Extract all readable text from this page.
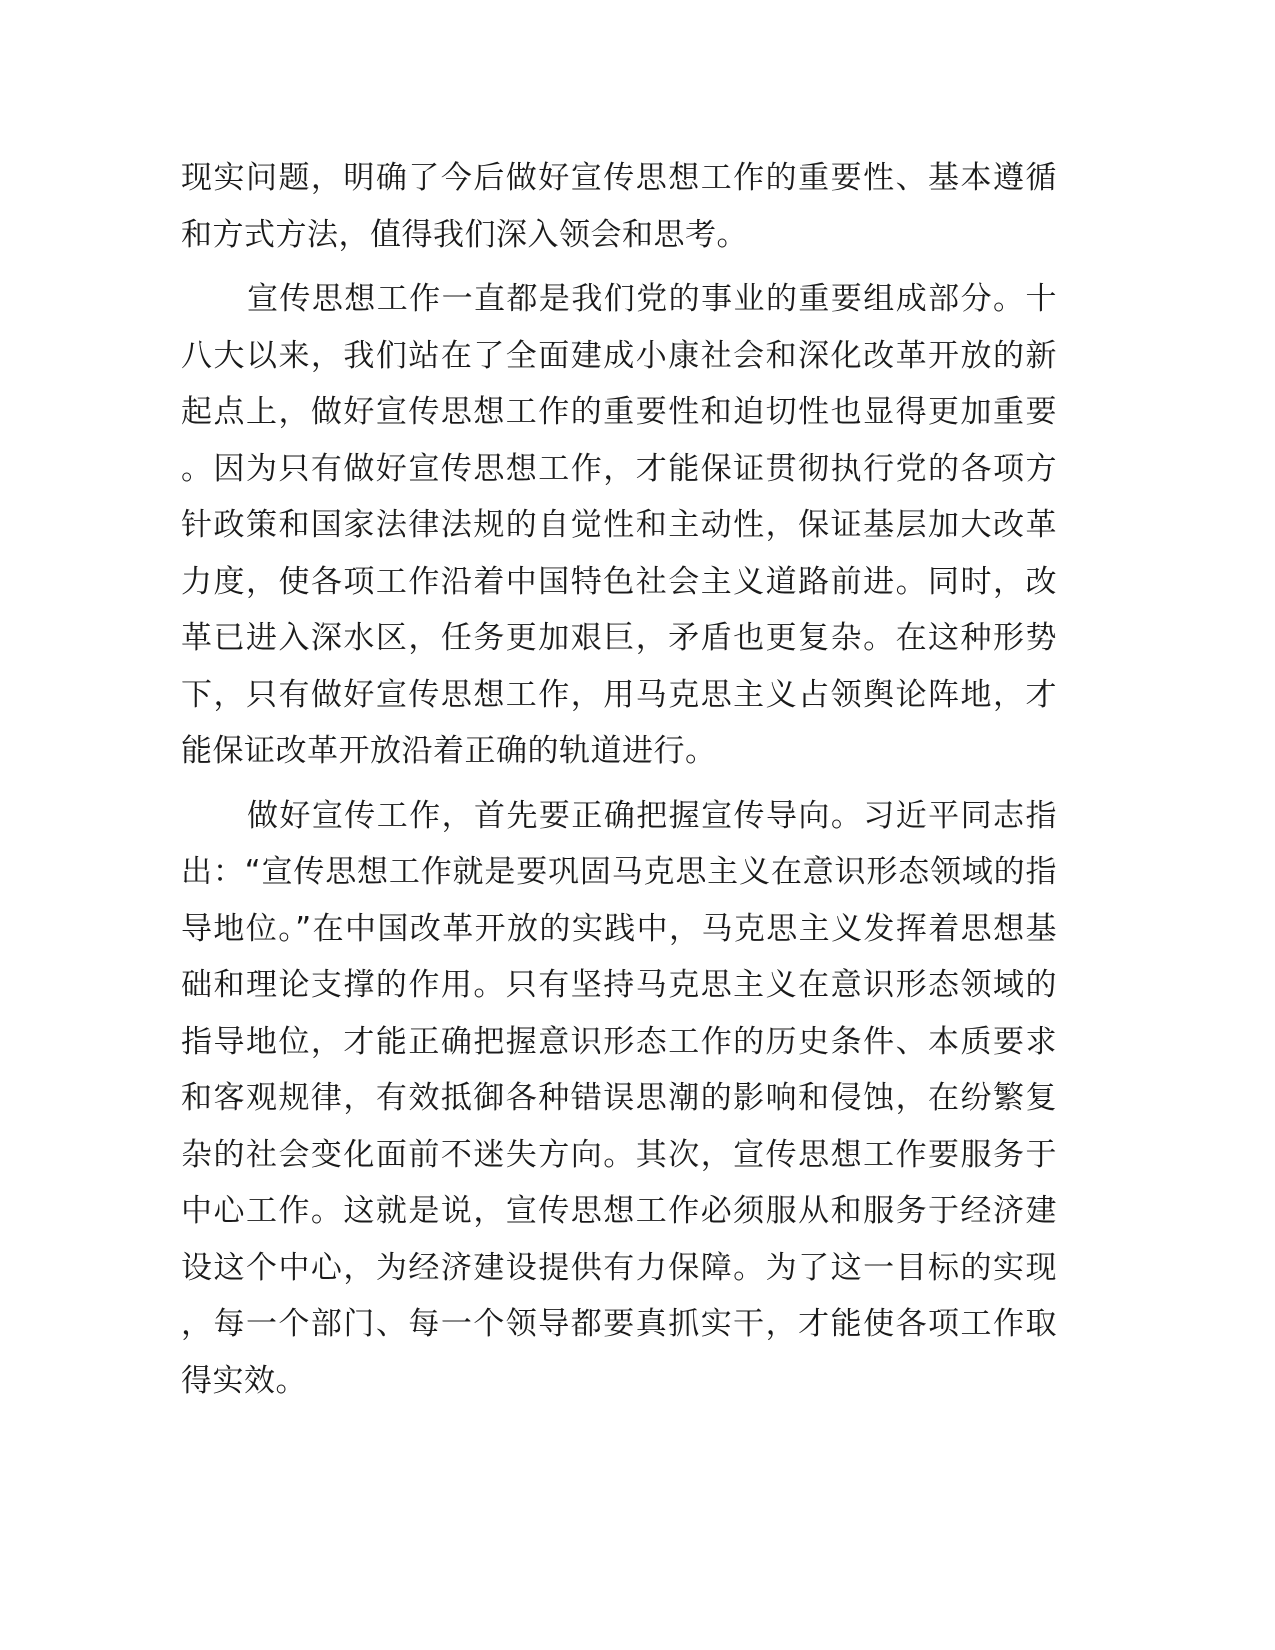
现实问题，明确了今后做好宣传思想工作的重要性、基本遵循和方式方法，值得我们深入领会和思考。

宣传思想工作一直都是我们党的事业的重要组成部分。十八大以来，我们站在了全面建成小康社会和深化改革开放的新起点上，做好宣传思想工作的重要性和迫切性也显得更加重要。因为只有做好宣传思想工作，才能保证贯彻执行党的各项方针政策和国家法律法规的自觉性和主动性，保证基层加大改革力度，使各项工作沿着中国特色社会主义道路前进。同时，改革已进入深水区，任务更加艰巨，矛盾也更复杂。在这种形势下，只有做好宣传思想工作，用马克思主义占领舆论阵地，才能保证改革开放沿着正确的轨道进行。

做好宣传工作，首先要正确把握宣传导向。习近平同志指出：“宣传思想工作就是要巩固马克思主义在意识形态领域的指导地位。”在中国改革开放的实践中，马克思主义发挥着思想基础和理论支撑的作用。只有坚持马克思主义在意识形态领域的指导地位，才能正确把握意识形态工作的历史条件、本质要求和客观规律，有效抵御各种错误思潮的影响和侵蚀，在纷繁复杂的社会变化面前不迷失方向。其次，宣传思想工作要服务于中心工作。这就是说，宣传思想工作必须服从和服务于经济建设这个中心，为经济建设提供有力保障。为了这一目标的实现，每一个部门、每一个领导都要真抓实干，才能使各项工作取得实效。
